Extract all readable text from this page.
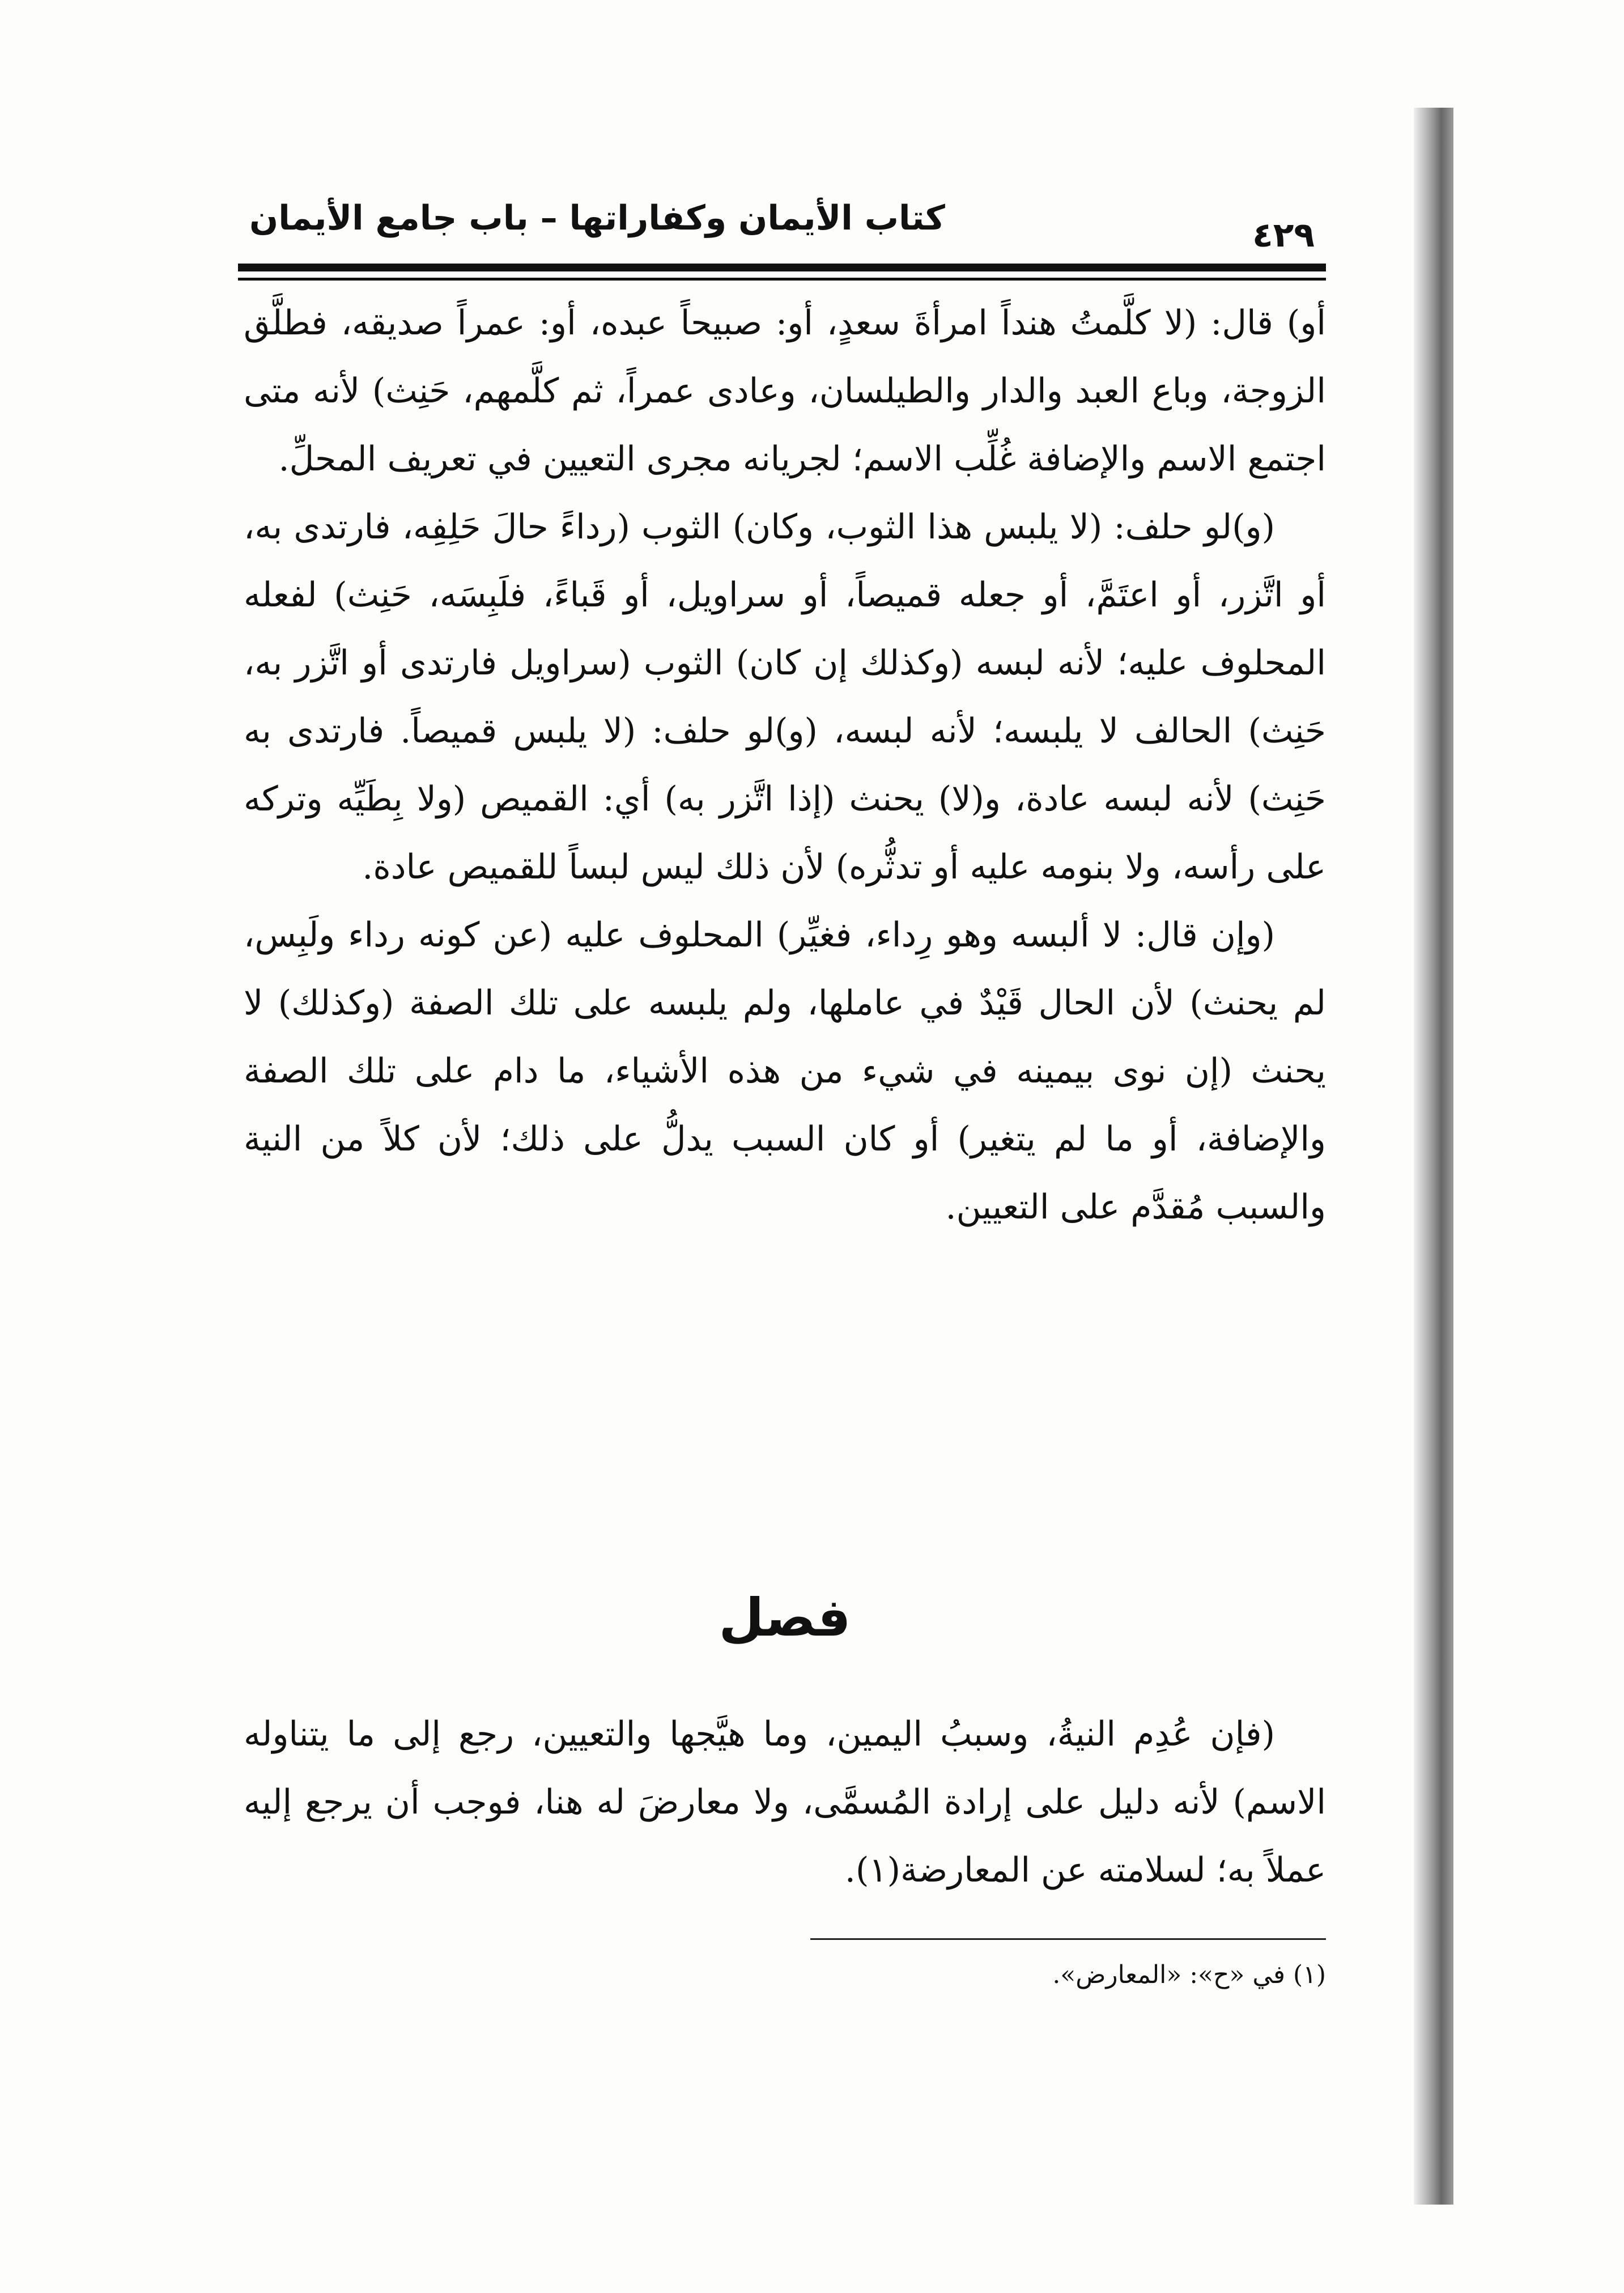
كتاب الأيمان وكفاراتها – باب جامع الأيمان	٤٢٩

أو) قال: (لا كلَّمتُ هنداً امرأةَ سعدٍ، أو: صبيحاً عبده، أو: عمراً صديقه، فطلَّق الزوجة، وباع العبد والدار والطيلسان، وعادى عمراً، ثم كلَّمهم، حَنِث) لأنه متى اجتمع الاسم والإضافة غُلِّب الاسم؛ لجريانه مجرى التعيين في تعريف المحلِّ.

(و)لو حلف: (لا يلبس هذا الثوب، وكان) الثوب (رداءً حالَ حَلِفِه، فارتدى به، أو اتَّزر، أو اعتَمَّ، أو جعله قميصاً، أو سراويل، أو قَباءً، فلَبِسَه، حَنِث) لفعله المحلوف عليه؛ لأنه لبسه (وكذلك إن كان) الثوب (سراويل فارتدى أو اتَّزر به، حَنِث) الحالف لا يلبسه؛ لأنه لبسه، (و)لو حلف: (لا يلبس قميصاً. فارتدى به حَنِث) لأنه لبسه عادة، و(لا) يحنث (إذا اتَّزر به) أي: القميص (ولا بِطَيِّه وتركه على رأسه، ولا بنومه عليه أو تدثُّره) لأن ذلك ليس لبساً للقميص عادة.

(وإن قال: لا ألبسه وهو رِداء، فغيِّر) المحلوف عليه (عن كونه رداء ولَبِس، لم يحنث) لأن الحال قَيْدٌ في عاملها، ولم يلبسه على تلك الصفة (وكذلك) لا يحنث (إن نوى بيمينه في شيء من هذه الأشياء، ما دام على تلك الصفة والإضافة، أو ما لم يتغير) أو كان السبب يدلُّ على ذلك؛ لأن كلاً من النية والسبب مُقدَّم على التعيين.

فصل

(فإن عُدِم النيةُ، وسببُ اليمين، وما هيَّجها والتعيين، رجع إلى ما يتناوله الاسم) لأنه دليل على إرادة المُسمَّى، ولا معارضَ له هنا، فوجب أن يرجع إليه عملاً به؛ لسلامته عن المعارضة(١).

(١) في «ح»: «المعارض».
